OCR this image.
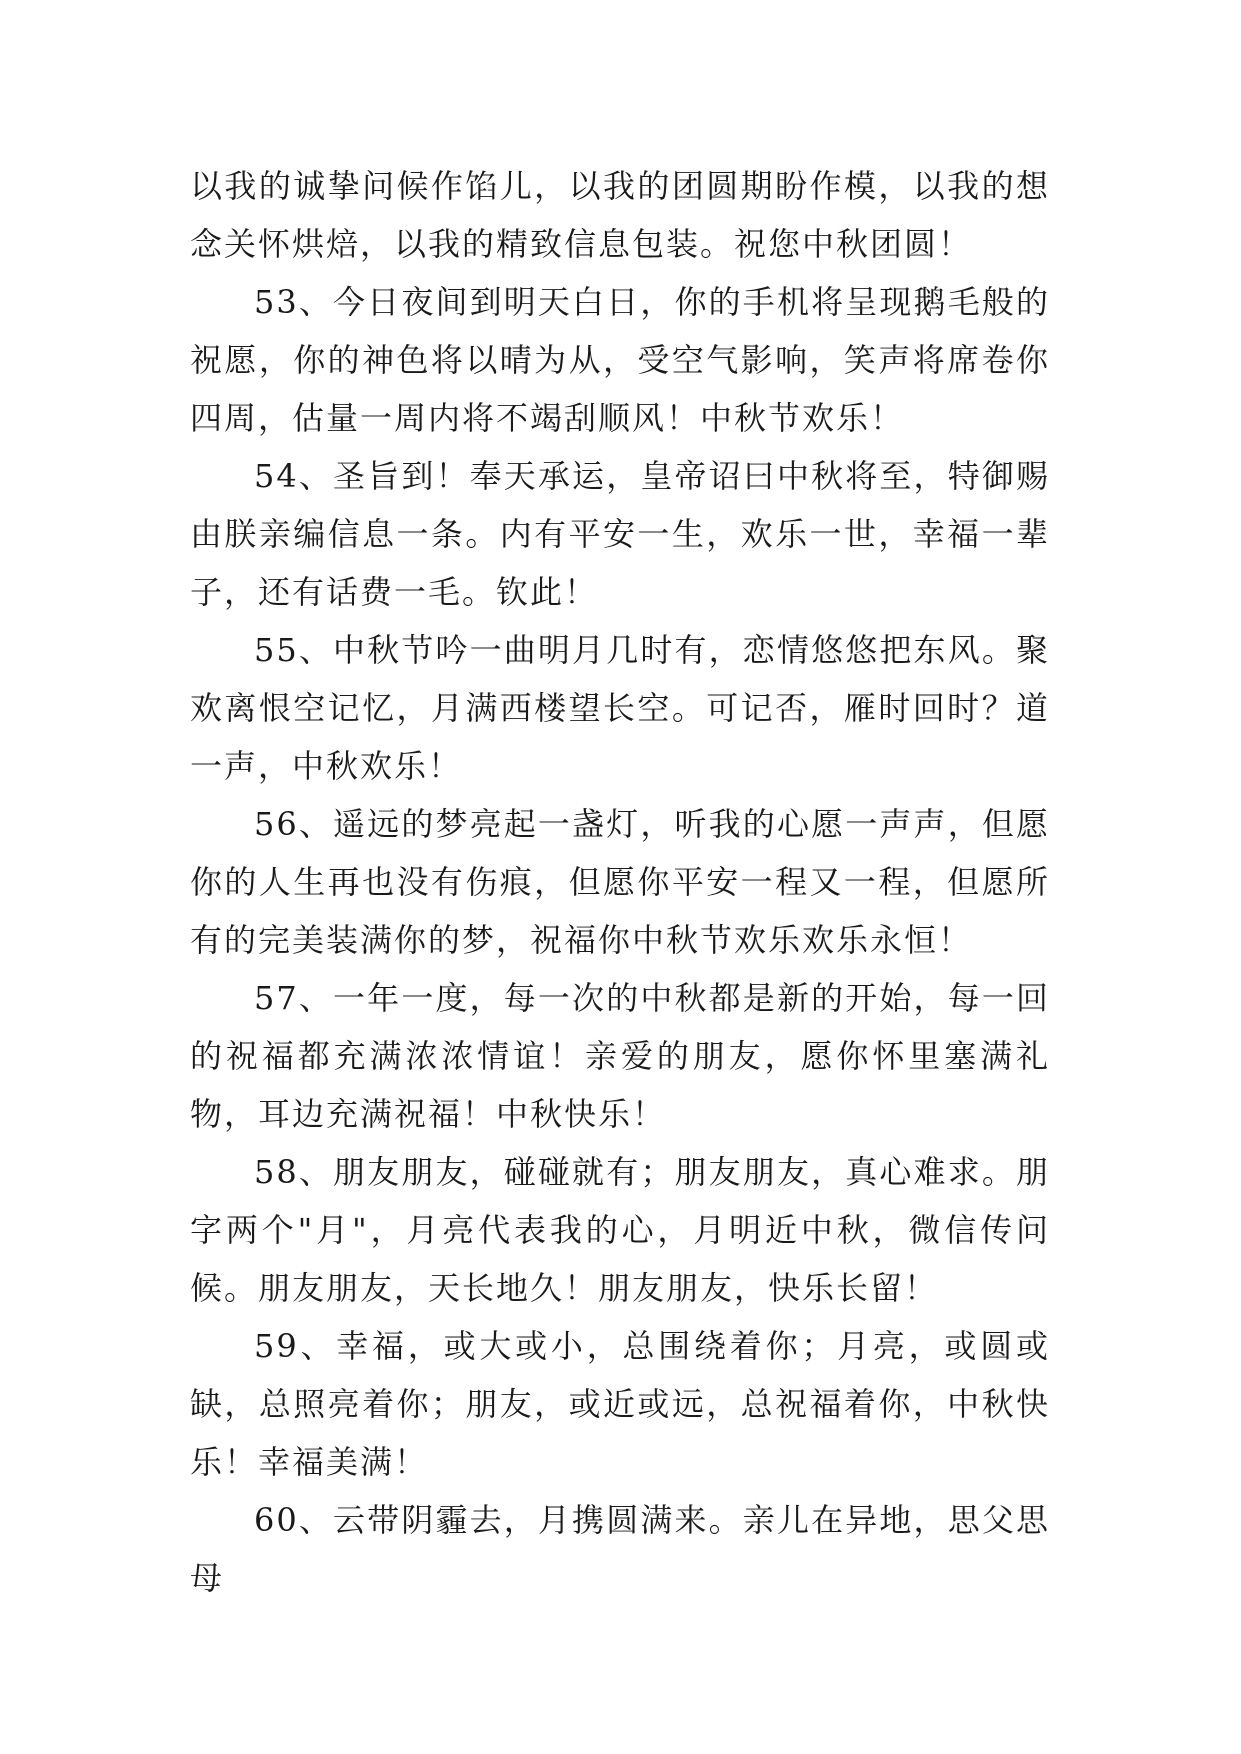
以我的诚挚问候作馅儿，以我的团圆期盼作模，以我的想念关怀烘焙，以我的精致信息包装。祝您中秋团圆！

53、今日夜间到明天白日，你的手机将呈现鹅毛般的祝愿，你的神色将以晴为从，受空气影响，笑声将席卷你四周，估量一周内将不竭刮顺风！中秋节欢乐！

54、圣旨到！奉天承运，皇帝诏曰中秋将至，特御赐由朕亲编信息一条。内有平安一生，欢乐一世，幸福一辈子，还有话费一毛。钦此！

55、中秋节吟一曲明月几时有，恋情悠悠把东风。聚欢离恨空记忆，月满西楼望长空。可记否，雁时回时？道一声，中秋欢乐！

56、遥远的梦亮起一盏灯，听我的心愿一声声，但愿你的人生再也没有伤痕，但愿你平安一程又一程，但愿所有的完美装满你的梦，祝福你中秋节欢乐欢乐永恒！

57、一年一度，每一次的中秋都是新的开始，每一回的祝福都充满浓浓情谊！亲爱的朋友，愿你怀里塞满礼物，耳边充满祝福！中秋快乐！

58、朋友朋友，碰碰就有；朋友朋友，真心难求。朋字两个"月"，月亮代表我的心，月明近中秋，微信传问候。朋友朋友，天长地久！朋友朋友，快乐长留！

59、幸福，或大或小，总围绕着你；月亮，或圆或缺，总照亮着你；朋友，或近或远，总祝福着你，中秋快乐！幸福美满！

60、云带阴霾去，月携圆满来。亲儿在异地，思父思母
